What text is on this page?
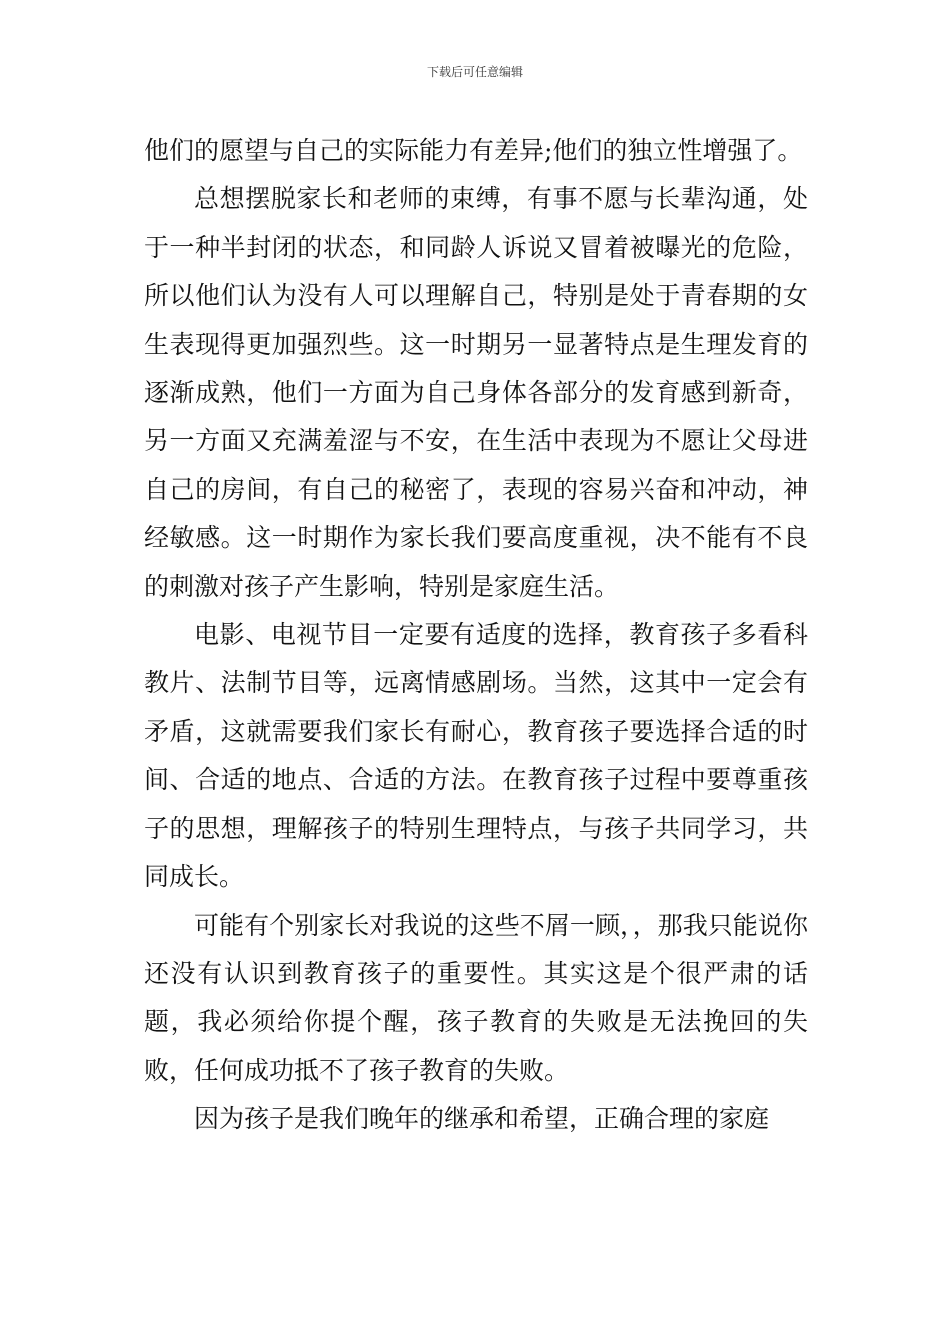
下载后可任意编辑

他们的愿望与自己的实际能力有差异;他们的独立性增强了。

总想摆脱家长和老师的束缚，有事不愿与长辈沟通，处于一种半封闭的状态，和同龄人诉说又冒着被曝光的危险，所以他们认为没有人可以理解自己，特别是处于青春期的女生表现得更加强烈些。这一时期另一显著特点是生理发育的逐渐成熟，他们一方面为自己身体各部分的发育感到新奇，另一方面又充满羞涩与不安，在生活中表现为不愿让父母进自己的房间，有自己的秘密了，表现的容易兴奋和冲动，神经敏感。这一时期作为家长我们要高度重视，决不能有不良的刺激对孩子产生影响，特别是家庭生活。

电影、电视节目一定要有适度的选择，教育孩子多看科教片、法制节目等，远离情感剧场。当然，这其中一定会有矛盾，这就需要我们家长有耐心，教育孩子要选择合适的时间、合适的地点、合适的方法。在教育孩子过程中要尊重孩子的思想，理解孩子的特别生理特点，与孩子共同学习，共同成长。

可能有个别家长对我说的这些不屑一顾，，那我只能说你还没有认识到教育孩子的重要性。其实这是个很严肃的话题，我必须给你提个醒，孩子教育的失败是无法挽回的失败，任何成功抵不了孩子教育的失败。

因为孩子是我们晚年的继承和希望，正确合理的家庭
